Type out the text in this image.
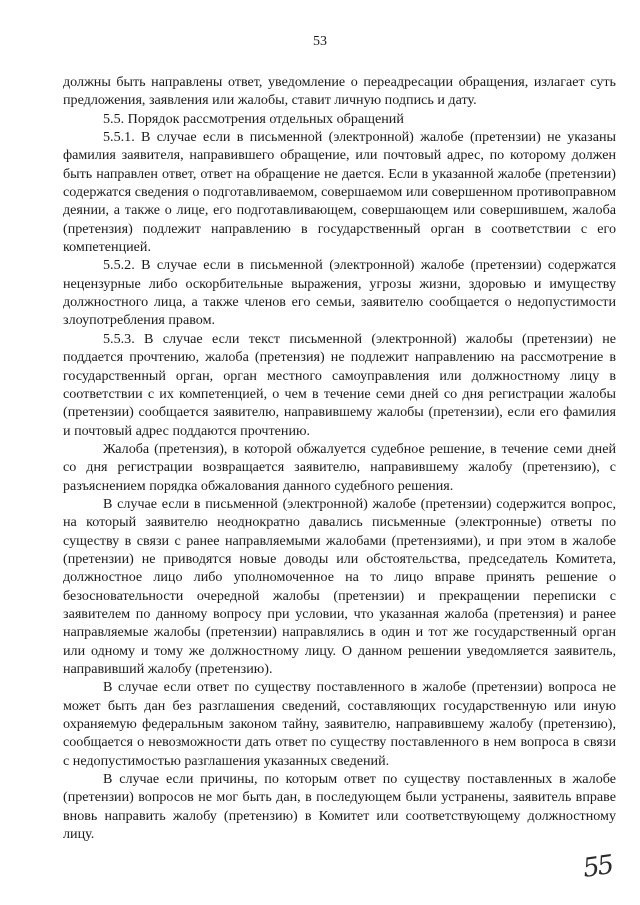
53

должны быть направлены ответ, уведомление о переадресации обращения, излагает суть предложения, заявления или жалобы, ставит личную подпись и дату.

5.5. Порядок рассмотрения отдельных обращений

5.5.1. В случае если в письменной (электронной) жалобе (претензии) не указаны фамилия заявителя, направившего обращение, или почтовый адрес, по которому должен быть направлен ответ, ответ на обращение не дается. Если в указанной жалобе (претензии) содержатся сведения о подготавливаемом, совершаемом или совершенном противоправном деянии, а также о лице, его подготавливающем, совершающем или совершившем, жалоба (претензия) подлежит направлению в государственный орган в соответствии с его компетенцией.

5.5.2. В случае если в письменной (электронной) жалобе (претензии) содержатся нецензурные либо оскорбительные выражения, угрозы жизни, здоровью и имуществу должностного лица, а также членов его семьи, заявителю сообщается о недопустимости злоупотребления правом.

5.5.3. В случае если текст письменной (электронной) жалобы (претензии) не поддается прочтению, жалоба (претензия) не подлежит направлению на рассмотрение в государственный орган, орган местного самоуправления или должностному лицу в соответствии с их компетенцией, о чем в течение семи дней со дня регистрации жалобы (претензии) сообщается заявителю, направившему жалобы (претензии), если его фамилия и почтовый адрес поддаются прочтению.

Жалоба (претензия), в которой обжалуется судебное решение, в течение семи дней со дня регистрации возвращается заявителю, направившему жалобу (претензию), с разъяснением порядка обжалования данного судебного решения.

В случае если в письменной (электронной) жалобе (претензии) содержится вопрос, на который заявителю неоднократно давались письменные (электронные) ответы по существу в связи с ранее направляемыми жалобами (претензиями), и при этом в жалобе (претензии) не приводятся новые доводы или обстоятельства, председатель Комитета, должностное лицо либо уполномоченное на то лицо вправе принять решение о безосновательности очередной жалобы (претензии) и прекращении переписки с заявителем по данному вопросу при условии, что указанная жалоба (претензия) и ранее направляемые жалобы (претензии) направлялись в один и тот же государственный орган или одному и тому же должностному лицу. О данном решении уведомляется заявитель, направивший жалобу (претензию).

В случае если ответ по существу поставленного в жалобе (претензии) вопроса не может быть дан без разглашения сведений, составляющих государственную или иную охраняемую федеральным законом тайну, заявителю, направившему жалобу (претензию), сообщается о невозможности дать ответ по существу поставленного в нем вопроса в связи с недопустимостью разглашения указанных сведений.

В случае если причины, по которым ответ по существу поставленных в жалобе (претензии) вопросов не мог быть дан, в последующем были устранены, заявитель вправе вновь направить жалобу (претензию) в Комитет или соответствующему должностному лицу.

55
